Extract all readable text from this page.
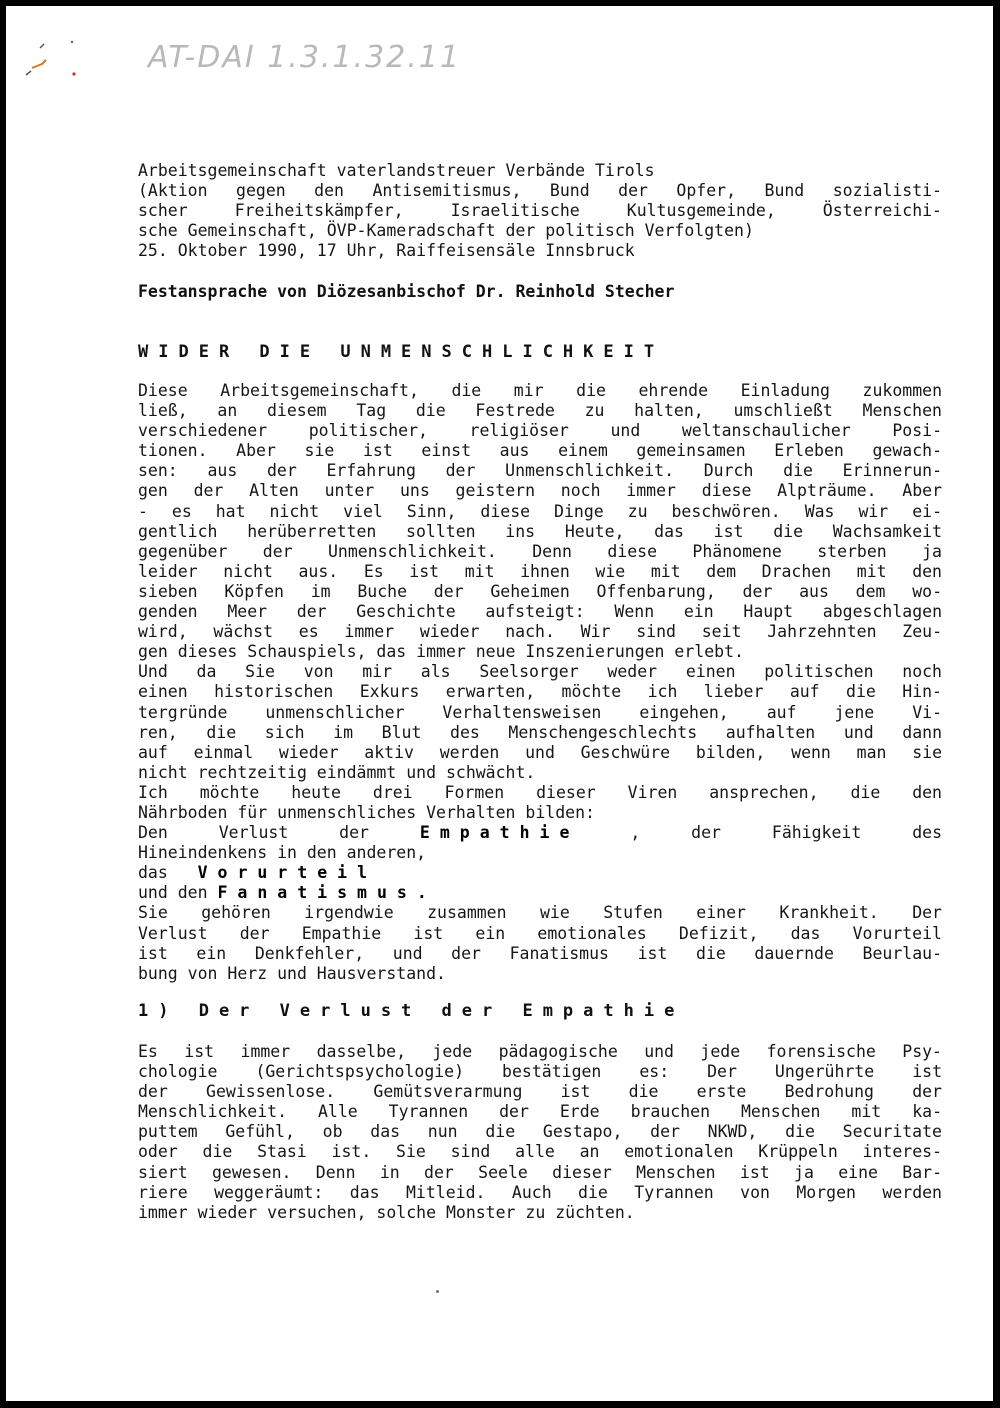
AT-DAI 1.3.1.32.11
Arbeitsgemeinschaft vaterlandstreuer Verbände Tirols
(Aktion gegen den Antisemitismus, Bund der Opfer, Bund sozialisti-
scher Freiheitskämpfer, Israelitische Kultusgemeinde, Österreichi-
sche Gemeinschaft, ÖVP-Kameradschaft der politisch Verfolgten)
25. Oktober 1990, 17 Uhr, Raiffeisensäle Innsbruck
Festansprache von Diözesanbischof Dr. Reinhold Stecher
WIDER DIE UNMENSCHLICHKEIT
Diese Arbeitsgemeinschaft, die mir die ehrende Einladung zukommen
ließ, an diesem Tag die Festrede zu halten, umschließt Menschen
verschiedener politischer, religiöser und weltanschaulicher Posi-
tionen. Aber sie ist einst aus einem gemeinsamen Erleben gewach-
sen: aus der Erfahrung der Unmenschlichkeit. Durch die Erinnerun-
gen der Alten unter uns geistern noch immer diese Alpträume. Aber
- es hat nicht viel Sinn, diese Dinge zu beschwören. Was wir ei-
gentlich herüberretten sollten ins Heute, das ist die Wachsamkeit
gegenüber der Unmenschlichkeit. Denn diese Phänomene sterben ja
leider nicht aus. Es ist mit ihnen wie mit dem Drachen mit den
sieben Köpfen im Buche der Geheimen Offenbarung, der aus dem wo-
genden Meer der Geschichte aufsteigt: Wenn ein Haupt abgeschlagen
wird, wächst es immer wieder nach. Wir sind seit Jahrzehnten Zeu-
gen dieses Schauspiels, das immer neue Inszenierungen erlebt.
Und da Sie von mir als Seelsorger weder einen politischen noch
einen historischen Exkurs erwarten, möchte ich lieber auf die Hin-
tergründe unmenschlicher Verhaltensweisen eingehen, auf jene Vi-
ren, die sich im Blut des Menschengeschlechts aufhalten und dann
auf einmal wieder aktiv werden und Geschwüre bilden, wenn man sie
nicht rechtzeitig eindämmt und schwächt.
Ich möchte heute drei Formen dieser Viren ansprechen, die den
Nährboden für unmenschliches Verhalten bilden:
Den Verlust der	Empathie	, der Fähigkeit des
Hineindenkens in den anderen,
das Vorurteil
und den Fanatismus.
Sie gehören irgendwie zusammen wie Stufen einer Krankheit. Der
Verlust der Empathie ist ein emotionales Defizit, das Vorurteil
ist ein Denkfehler, und der Fanatismus ist die dauernde Beurlau-
bung von Herz und Hausverstand.
1) Der Verlust der Empathie
Es ist immer dasselbe, jede pädagogische und jede forensische Psy-
chologie (Gerichtspsychologie) bestätigen es: Der Ungerührte ist
der Gewissenlose. Gemütsverarmung ist die erste Bedrohung der
Menschlichkeit. Alle Tyrannen der Erde brauchen Menschen mit ka-
puttem Gefühl, ob das nun die Gestapo, der NKWD, die Securitate
oder die Stasi ist. Sie sind alle an emotionalen Krüppeln interes-
siert gewesen. Denn in der Seele dieser Menschen ist ja eine Bar-
riere weggeräumt: das Mitleid. Auch die Tyrannen von Morgen werden
immer wieder versuchen, solche Monster zu züchten.
